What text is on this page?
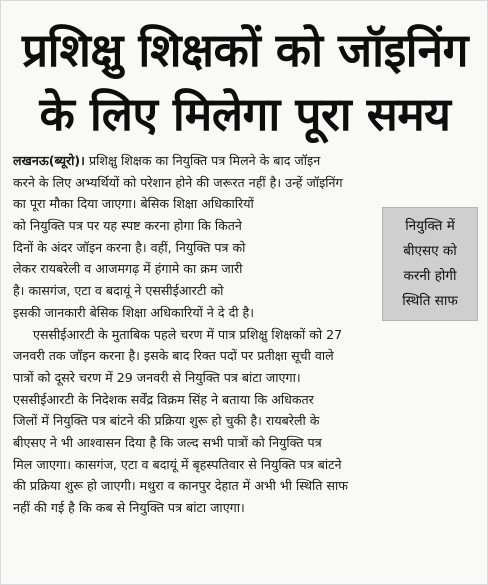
प्रशिक्षु शिक्षकों को जॉइनिंग
के लिए मिलेगा पूरा समय
लखनऊ(ब्यूरो)। प्रशिक्षु शिक्षक का नियुक्ति पत्र मिलने के बाद जॉइन
करने के लिए अभ्यर्थियों को परेशान होने की जरूरत नहीं है। उन्हें जॉइनिंग
का पूरा मौका दिया जाएगा। बेसिक शिक्षा अधिकारियों
को नियुक्ति पत्र पर यह स्पष्ट करना होगा कि कितने
दिनों के अंदर जॉइन करना है। वहीं, नियुक्ति पत्र को
लेकर रायबरेली व आजमगढ़ में हंगामे का क्रम जारी
है। कासगंज, एटा व बदायूं ने एससीईआरटी को
इसकी जानकारी बेसिक शिक्षा अधिकारियों ने दे दी है।
एससीईआरटी के मुताबिक पहले चरण में पात्र प्रशिक्षु शिक्षकों को 27
जनवरी तक जॉइन करना है। इसके बाद रिक्त पदों पर प्रतीक्षा सूची वाले
पात्रों को दूसरे चरण में 29 जनवरी से नियुक्ति पत्र बांटा जाएगा।
एससीईआरटी के निदेशक सर्वेंद्र विक्रम सिंह ने बताया कि अधिकतर
जिलों में नियुक्ति पत्र बांटने की प्रक्रिया शुरू हो चुकी है। रायबरेली के
बीएसए ने भी आश्वासन दिया है कि जल्द सभी पात्रों को नियुक्ति पत्र
मिल जाएगा। कासगंज, एटा व बदायूं में बृहस्पतिवार से नियुक्ति पत्र बांटने
की प्रक्रिया शुरू हो जाएगी। मथुरा व कानपुर देहात में अभी भी स्थिति साफ
नहीं की गई है कि कब से नियुक्ति पत्र बांटा जाएगा।
नियुक्ति में
बीएसए को
करनी होगी
स्थिति साफ
